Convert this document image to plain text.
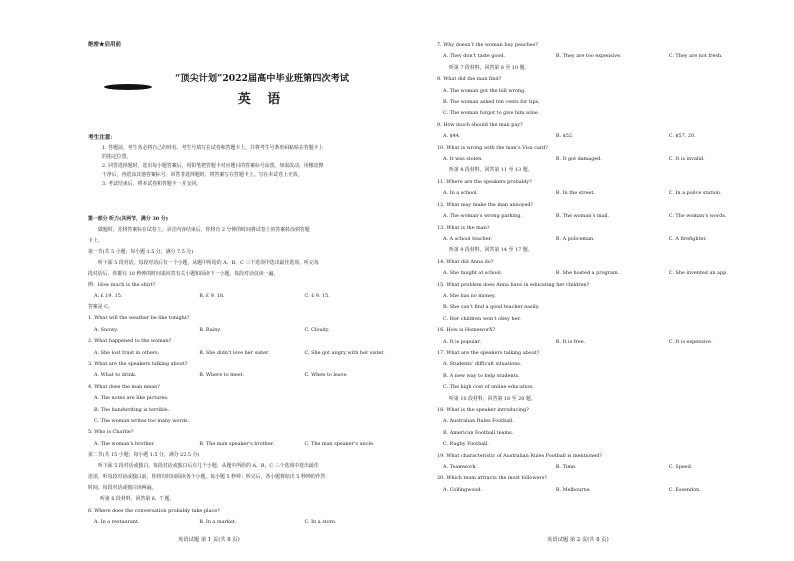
绝密★启用前
“顶尖计划”2022届高中毕业班第四次考试
英 语
考生注意：
1. 答题前，考生务必将自己的姓名、考生号填写在试卷和答题卡上，并将考生号条形码粘贴在答题卡上
的指定位置。
2. 回答选择题时，选出每小题答案后，用铅笔把答题卡对应题目的答案标号涂黑。如需改动，用橡皮擦
干净后，再选涂其他答案标号。回答非选择题时，将答案写在答题卡上。写在本试卷上无效。
3. 考试结束后，将本试卷和答题卡一并交回。
第一部分 听力(共两节，满分 30 分)
做题时，先将答案标在试卷上。录音内容结束后，你将有 2 分钟的时间将试卷上的答案转涂到答题
卡上。
第一节(共 5 小题；每小题 1.5 分，满分 7.5 分)
听下面 5 段对话。每段对话后有一个小题，从题中所给的 A、B、C 三个选项中选出最佳选项。听完每
段对话后，你都有 10 秒钟的时间来回答有关小题和阅读下一小题。每段对话仅读一遍。
例：How much is the shirt?
A. £ 19. 15.	B. £ 9. 18.	C. £ 9. 15.
答案是 C。
1. What will the weather be like tonight?
A. Snowy.	B. Rainy.	C. Cloudy.
2. What happened to the woman?
A. She lost trust in others.	B. She didn’t love her sister.	C. She got angry with her sister.
3. What are the speakers talking about?
A. What to drink.	B. Where to meet.	C. When to leave.
4. What does the man mean?
A. The notes are like pictures.
B. The handwriting is terrible.
C. The woman writes too many words.
5. Who is Charlie?
A. The woman’s brother.	B. The man speaker’s brother.	C. The man speaker’s uncle.
第二节(共 15 小题；每小题 1.5 分，满分 22.5 分)
听下面 5 段对话或独白。每段对话或独白后有几个小题，从题中所给的 A、B、C 三个选项中选出最佳
选项。听每段对话或独白前，你将有时间阅读各个小题，每小题 5 秒钟；听完后，各小题将给出 5 秒钟的作答
时间。每段对话或独白读两遍。
听第 6 段材料，回答第 6、7 题。
6. Where does the conversation probably take place?
A. In a restaurant.	B. In a market.	C. In a store.
英语试题 第 1 页(共 8 页)
7. Why doesn’t the woman buy peaches?
A. They don’t taste good.	B. They are too expensive.	C. They are not fresh.
听第 7 段材料，回答第 8 至 10 题。
8. What did the man find?
A. The woman got the bill wrong.
B. The woman asked ten cents for tips.
C. The woman forgot to give him wine.
9. How much should the man pay?
A. $44.	B. $52.	C. $57. 20.
10. What is wrong with the man’s Visa card?
A. It was stolen.	B. It got damaged.	C. It is invalid.
听第 8 段材料，回答第 11 至 13 题。
11. Where are the speakers probably?
A. In a school.	B. In the street.	C. In a police station.
12. What may make the man annoyed?
A. The woman’s wrong parking.	B. The woman’s mail.	C. The woman’s words.
13. What is the man?
A. A school teacher.	B. A policeman.	C. A firefighter.
听第 9 段材料，回答第 14 至 17 题。
14. What did Anna do?
A. She taught at school.	B. She hosted a program.	C. She invented an app.
15. What problem does Anna have in educating her children?
A. She has no money.
B. She can’t find a good teacher easily.
C. Her children won’t obey her.
16. How is HomeworX?
A. It is popular.	B. It is free.	C. It is expensive.
17. What are the speakers talking about?
A. Students’ difficult situations.
B. A new way to help students.
C. The high cost of online education.
听第 10 段材料，回答第 18 至 20 题。
18. What is the speaker introducing?
A. Australian Rules Football.
B. American Football teams.
C. Rugby Football.
19. What characteristic of Australian Rules Football is mentioned?
A. Teamwork.	B. Time.	C. Speed.
20. Which team attracts the most followers?
A. Collingwood.	B. Melbourne.	C. Essendon.
英语试题 第 2 页(共 8 页)
